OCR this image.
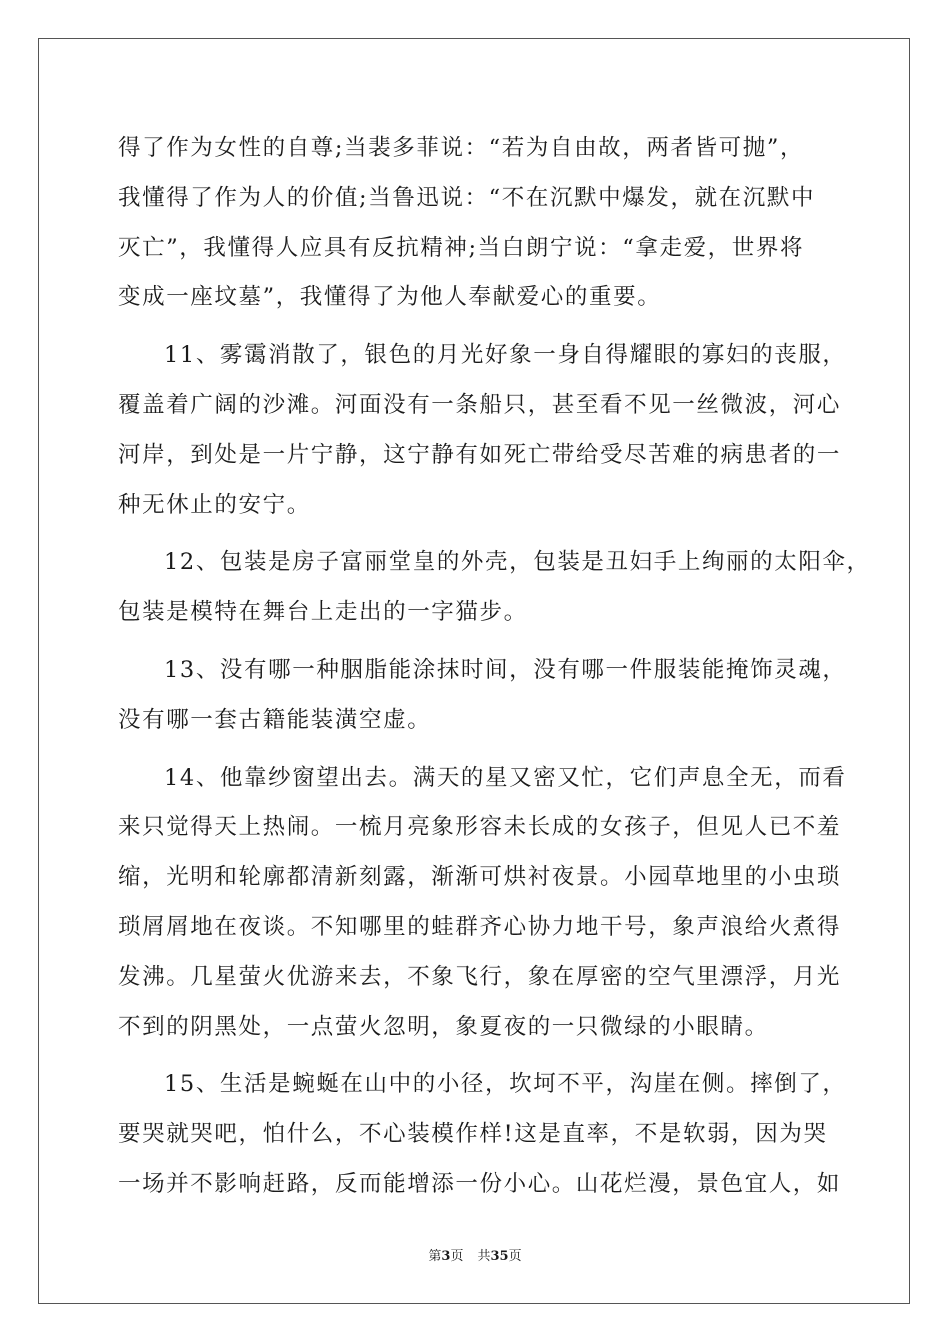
得了作为女性的自尊;当裴多菲说：“若为自由故，两者皆可抛”，
我懂得了作为人的价值;当鲁迅说：“不在沉默中爆发，就在沉默中
灭亡”，我懂得人应具有反抗精神;当白朗宁说：“拿走爱，世界将
变成一座坟墓”，我懂得了为他人奉献爱心的重要。
11、雾霭消散了，银色的月光好象一身自得耀眼的寡妇的丧服，
覆盖着广阔的沙滩。河面没有一条船只，甚至看不见一丝微波，河心
河岸，到处是一片宁静，这宁静有如死亡带给受尽苦难的病患者的一
种无休止的安宁。
12、包装是房子富丽堂皇的外壳，包装是丑妇手上绚丽的太阳伞，
包装是模特在舞台上走出的一字猫步。
13、没有哪一种胭脂能涂抹时间，没有哪一件服装能掩饰灵魂，
没有哪一套古籍能装潢空虚。
14、他靠纱窗望出去。满天的星又密又忙，它们声息全无，而看
来只觉得天上热闹。一梳月亮象形容未长成的女孩子，但见人已不羞
缩，光明和轮廓都清新刻露，渐渐可烘衬夜景。小园草地里的小虫琐
琐屑屑地在夜谈。不知哪里的蛙群齐心协力地干号，象声浪给火煮得
发沸。几星萤火优游来去，不象飞行，象在厚密的空气里漂浮，月光
不到的阴黑处，一点萤火忽明，象夏夜的一只微绿的小眼睛。
15、生活是蜿蜒在山中的小径，坎坷不平，沟崖在侧。摔倒了，
要哭就哭吧，怕什么，不心装模作样!这是直率，不是软弱，因为哭
一场并不影响赶路，反而能增添一份小心。山花烂漫，景色宜人，如
第3页 共35页
